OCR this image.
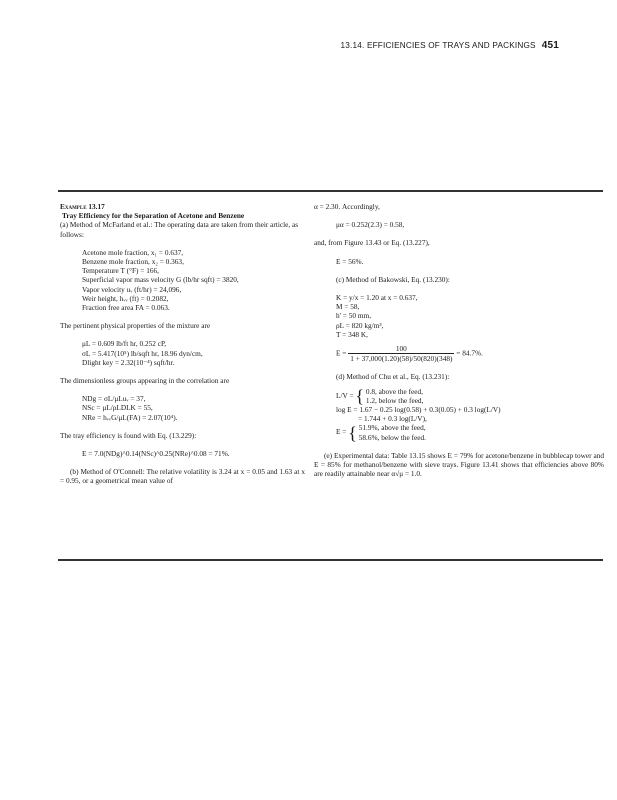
13.14. EFFICIENCIES OF TRAYS AND PACKINGS 451

Example 13.17

Tray Efficiency for the Separation of Acetone and Benzene

(a) Method of McFarland et al.: The operating data are taken from their article, as follows:

Acetone mole fraction, x₁ = 0.637,

Benzene mole fraction, x₂ = 0.363,

Temperature T (°F) = 166,

Superficial vapor mass velocity G (lb/hr sqft) = 3820,

Vapor velocity uᵥ (ft/hr) = 24,096,

Weir height, hᵥᵥ (ft) = 0.2082,

Fraction free area FA = 0.063.

The pertinent physical properties of the mixture are

μL = 0.609 lb/ft hr, 0.252 cP,

σL = 5.417(10⁵) lb/sqft hr, 18.96 dyn/cm,

Dlight key = 2.32(10⁻⁴) sqft/hr.

The dimensionless groups appearing in the correlation are

NDg = σL/μLuᵥ = 37,

NSc = μL/ρLDLK = 55,

NRe = hᵥᵥG/μL(FA) = 2.07(10⁴).

The tray efficiency is found with Eq. (13.229):

E = 7.0(NDg)^0.14(NSc)^0.25(NRe)^0.08 = 71%.

(b) Method of O'Connell: The relative volatility is 3.24 at x = 0.05 and 1.63 at x = 0.95, or a geometrical mean value of

α = 2.30. Accordingly,

μα = 0.252(2.3) = 0.58,

and, from Figure 13.43 or Eq. (13.227),

E = 56%.

(c) Method of Bakowski, Eq. (13.230):

K = y/x = 1.20 at x = 0.637,

M = 58,

h' = 50 mm,

ρL = 820 kg/m³,

T = 348 K,

$E = \frac{100}{1 + 37,000(1.20)(58)/50(820)(348)} = 84.7\%$.

(d) Method of Chu et al., Eq. (13.231):

L/V = { 0.8, above the feed,
1.2, below the feed,

log E = 1.67 − 0.25 log(0.58) + 0.3(0.05) + 0.3 log(L/V)

= 1.744 + 0.3 log(L/V),

E = { 51.9%, above the feed,
58.6%, below the feed.

(e) Experimental data: Table 13.15 shows E = 79% for acetone/benzene in bubblecap tower and E = 85% for methanol/benzene with sieve trays. Figure 13.41 shows that efficiencies above 80% are readily attainable near α√μ = 1.0.
